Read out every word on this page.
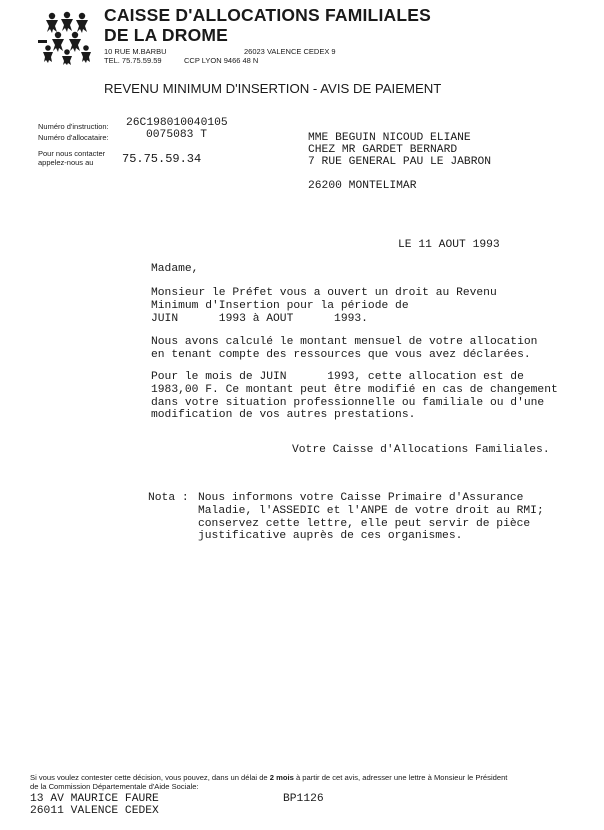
CAISSE D'ALLOCATIONS FAMILIALES
DE LA DROME
10 RUE M.BARBU	26023 VALENCE CEDEX 9
TEL. 75.75.59.59	CCP LYON 9466 48 N
REVENU MINIMUM D'INSERTION - AVIS DE PAIEMENT
Numéro d'instruction: 26C198010040105
Numéro d'allocataire:	0075083 T
Pour nous contacter
appelez-nous au 75.75.59.34
MME BEGUIN NICOUD ELIANE
CHEZ MR GARDET BERNARD
7 RUE GENERAL PAU LE JABRON
26200 MONTELIMAR
LE 11 AOUT 1993
Madame,
Monsieur le Préfet vous a ouvert un droit au Revenu
Minimum d'Insertion pour la période de
JUIN      1993 à AOUT      1993.
Nous avons calculé le montant mensuel de votre allocation
en tenant compte des ressources que vous avez déclarées.
Pour le mois de JUIN      1993, cette allocation est de
1983,00 F. Ce montant peut être modifié en cas de changement
dans votre situation professionnelle ou familiale ou d'une
modification de vos autres prestations.
Votre Caisse d'Allocations Familiales.
Nota : Nous informons votre Caisse Primaire d'Assurance
Maladie, l'ASSEDIC et l'ANPE de votre droit au RMI;
conservez cette lettre, elle peut servir de pièce
justificative auprès de ces organismes.
Si vous voulez contester cette décision, vous pouvez, dans un délai de 2 mois à partir de cet avis, adresser une lettre à Monsieur le Président
de la Commission Départementale d'Aide Sociale:
13 AV MAURICE FAURE	BP1126
26011 VALENCE CEDEX
